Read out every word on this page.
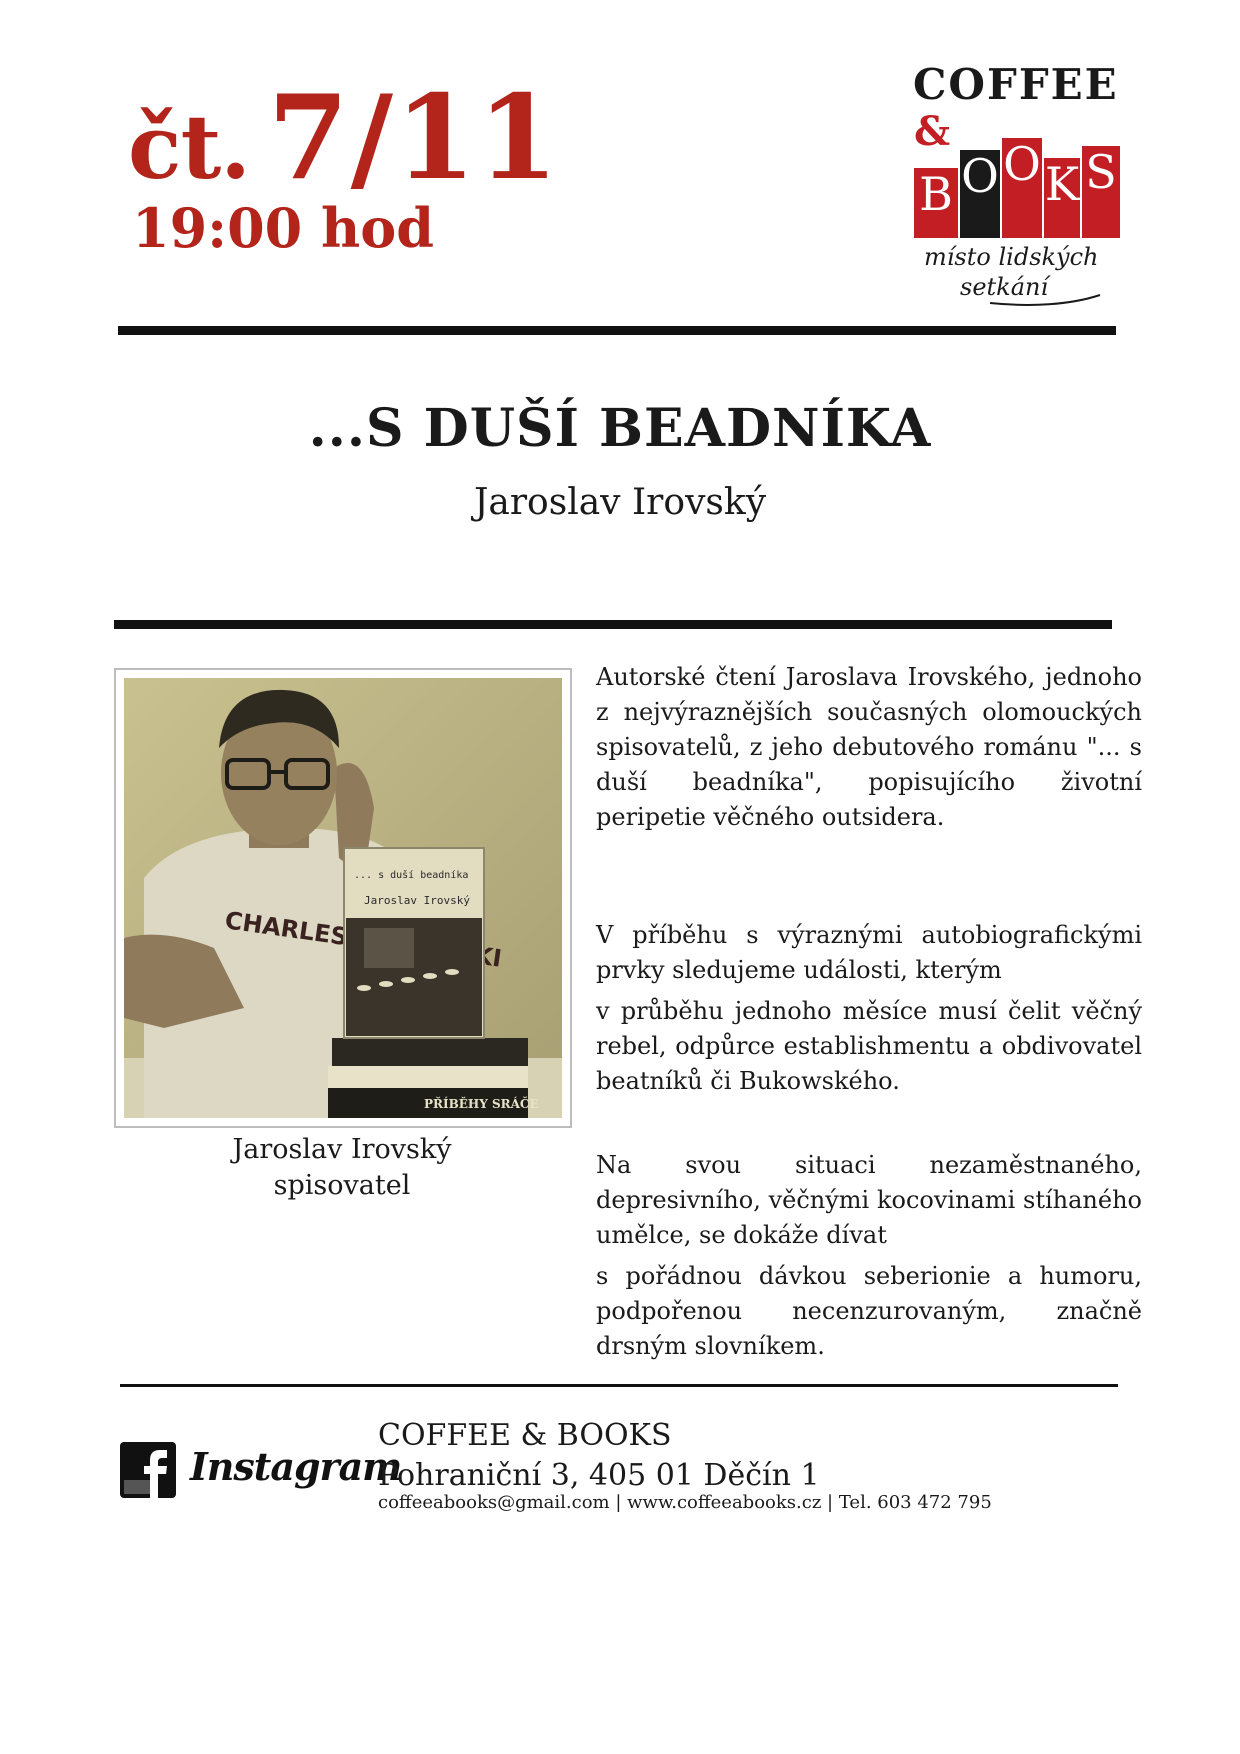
čt. 7/11
19:00 hod
COFFEE
&
B O O K S
místo lidských
setkání
...S DUŠÍ BEADNÍKA
Jaroslav Irovský
CHARLES
PŘÍBĚHY SRÁČE
... s duší beadníka
Jaroslav Irovský
Jaroslav Irovský
spisovatel
Autorské čtení Jaroslava Irovského, jednoho z nejvýraznějších současných olomouckých spisovatelů, z jeho debutového románu "... s duší beadníka", popisujícího životní peripetie věčného outsidera.
V příběhu s výraznými autobiografickými prvky sledujeme události, kterým
v průběhu jednoho měsíce musí čelit věčný rebel, odpůrce establishmentu a obdivovatel beatníků či Bukowského.
Na svou situaci nezaměstnaného, depresivního, věčnými kocovinami stíhaného umělce, se dokáže dívat
s pořádnou dávkou seberionie a humoru, podpořenou necenzurovaným, značně drsným slovníkem.
Instagram
COFFEE & BOOKS
Pohraniční 3, 405 01 Děčín 1
coffeeabooks@gmail.com | www.coffeeabooks.cz | Tel. 603 472 795
